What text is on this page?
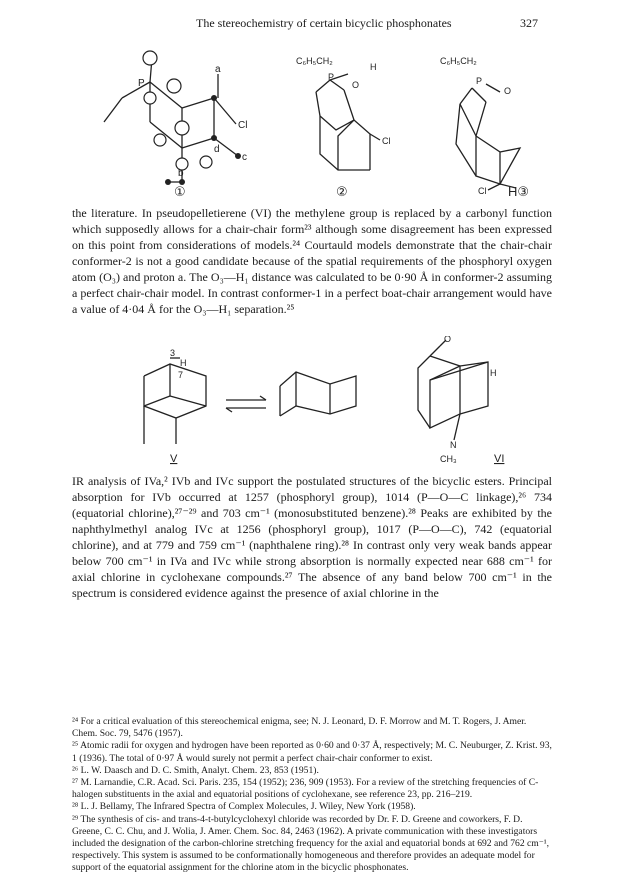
The stereochemistry of certain bicyclic phosphonates	327
a
Cl
c
d
b
P
①	②	H③
C₆H₅CH₂
P
H
O
Cl
C₆H₅CH₂
P
O
Cl
the literature. In pseudopelletierene (VI) the methylene group is replaced by a carbonyl function which supposedly allows for a chair-chair form²³ although some disagreement has been expressed on this point from considerations of models.²⁴ Courtauld models demonstrate that the chair-chair conformer-2 is not a good candidate because of the spatial requirements of the phosphoryl oxygen atom (O₃) and proton a. The O₃—H₁ distance was calculated to be 0·90 Å in conformer-2 assuming a perfect chair-chair model. In contrast conformer-1 in a perfect boat-chair arrangement would have a value of 4·04 Å for the O₃—H₁ separation.²⁵
3
H
7
O
H
N
CH₃
V	VI
IR analysis of IVa,² IVb and IVc support the postulated structures of the bicyclic esters. Principal absorption for IVb occurred at 1257 (phosphoryl group), 1014 (P—O—C linkage),²⁶ 734 (equatorial chlorine),²⁷⁻²⁹ and 703 cm⁻¹ (monosubstituted benzene).²⁸ Peaks are exhibited by the naphthylmethyl analog IVc at 1256 (phosphoryl group), 1017 (P—O—C), 742 (equatorial chlorine), and at 779 and 759 cm⁻¹ (naphthalene ring).²⁸ In contrast only very weak bands appear below 700 cm⁻¹ in IVa and IVc while strong absorption is normally expected near 688 cm⁻¹ for axial chlorine in cyclohexane compounds.²⁷ The absence of any band below 700 cm⁻¹ in the spectrum is considered evidence against the presence of axial chlorine in the
²⁴ For a critical evaluation of this stereochemical enigma, see; N. J. Leonard, D. F. Morrow and M. T. Rogers, J. Amer. Chem. Soc. 79, 5476 (1957).
²⁵ Atomic radii for oxygen and hydrogen have been reported as 0·60 and 0·37 Å, respectively; M. C. Neuburger, Z. Krist. 93, 1 (1936). The total of 0·97 Å would surely not permit a perfect chair-chair conformer to exist.
²⁶ L. W. Daasch and D. C. Smith, Analyt. Chem. 23, 853 (1951).
²⁷ M. Larnandie, C.R. Acad. Sci. Paris. 235, 154 (1952); 236, 909 (1953). For a review of the stretching frequencies of C-halogen substituents in the axial and equatorial positions of cyclohexane, see reference 23, pp. 216–219.
²⁸ L. J. Bellamy, The Infrared Spectra of Complex Molecules, J. Wiley, New York (1958).
²⁹ The synthesis of cis- and trans-4-t-butylcyclohexyl chloride was recorded by Dr. F. D. Greene and coworkers, F. D. Greene, C. C. Chu, and J. Wolia, J. Amer. Chem. Soc. 84, 2463 (1962). A private communication with these investigators included the designation of the carbon-chlorine stretching frequency for the axial and equatorial bonds at 692 and 762 cm⁻¹, respectively. This system is assumed to be conformationally homogeneous and therefore provides an adequate model for support of the equatorial assignment for the chlorine atom in the bicyclic phosphonates.
